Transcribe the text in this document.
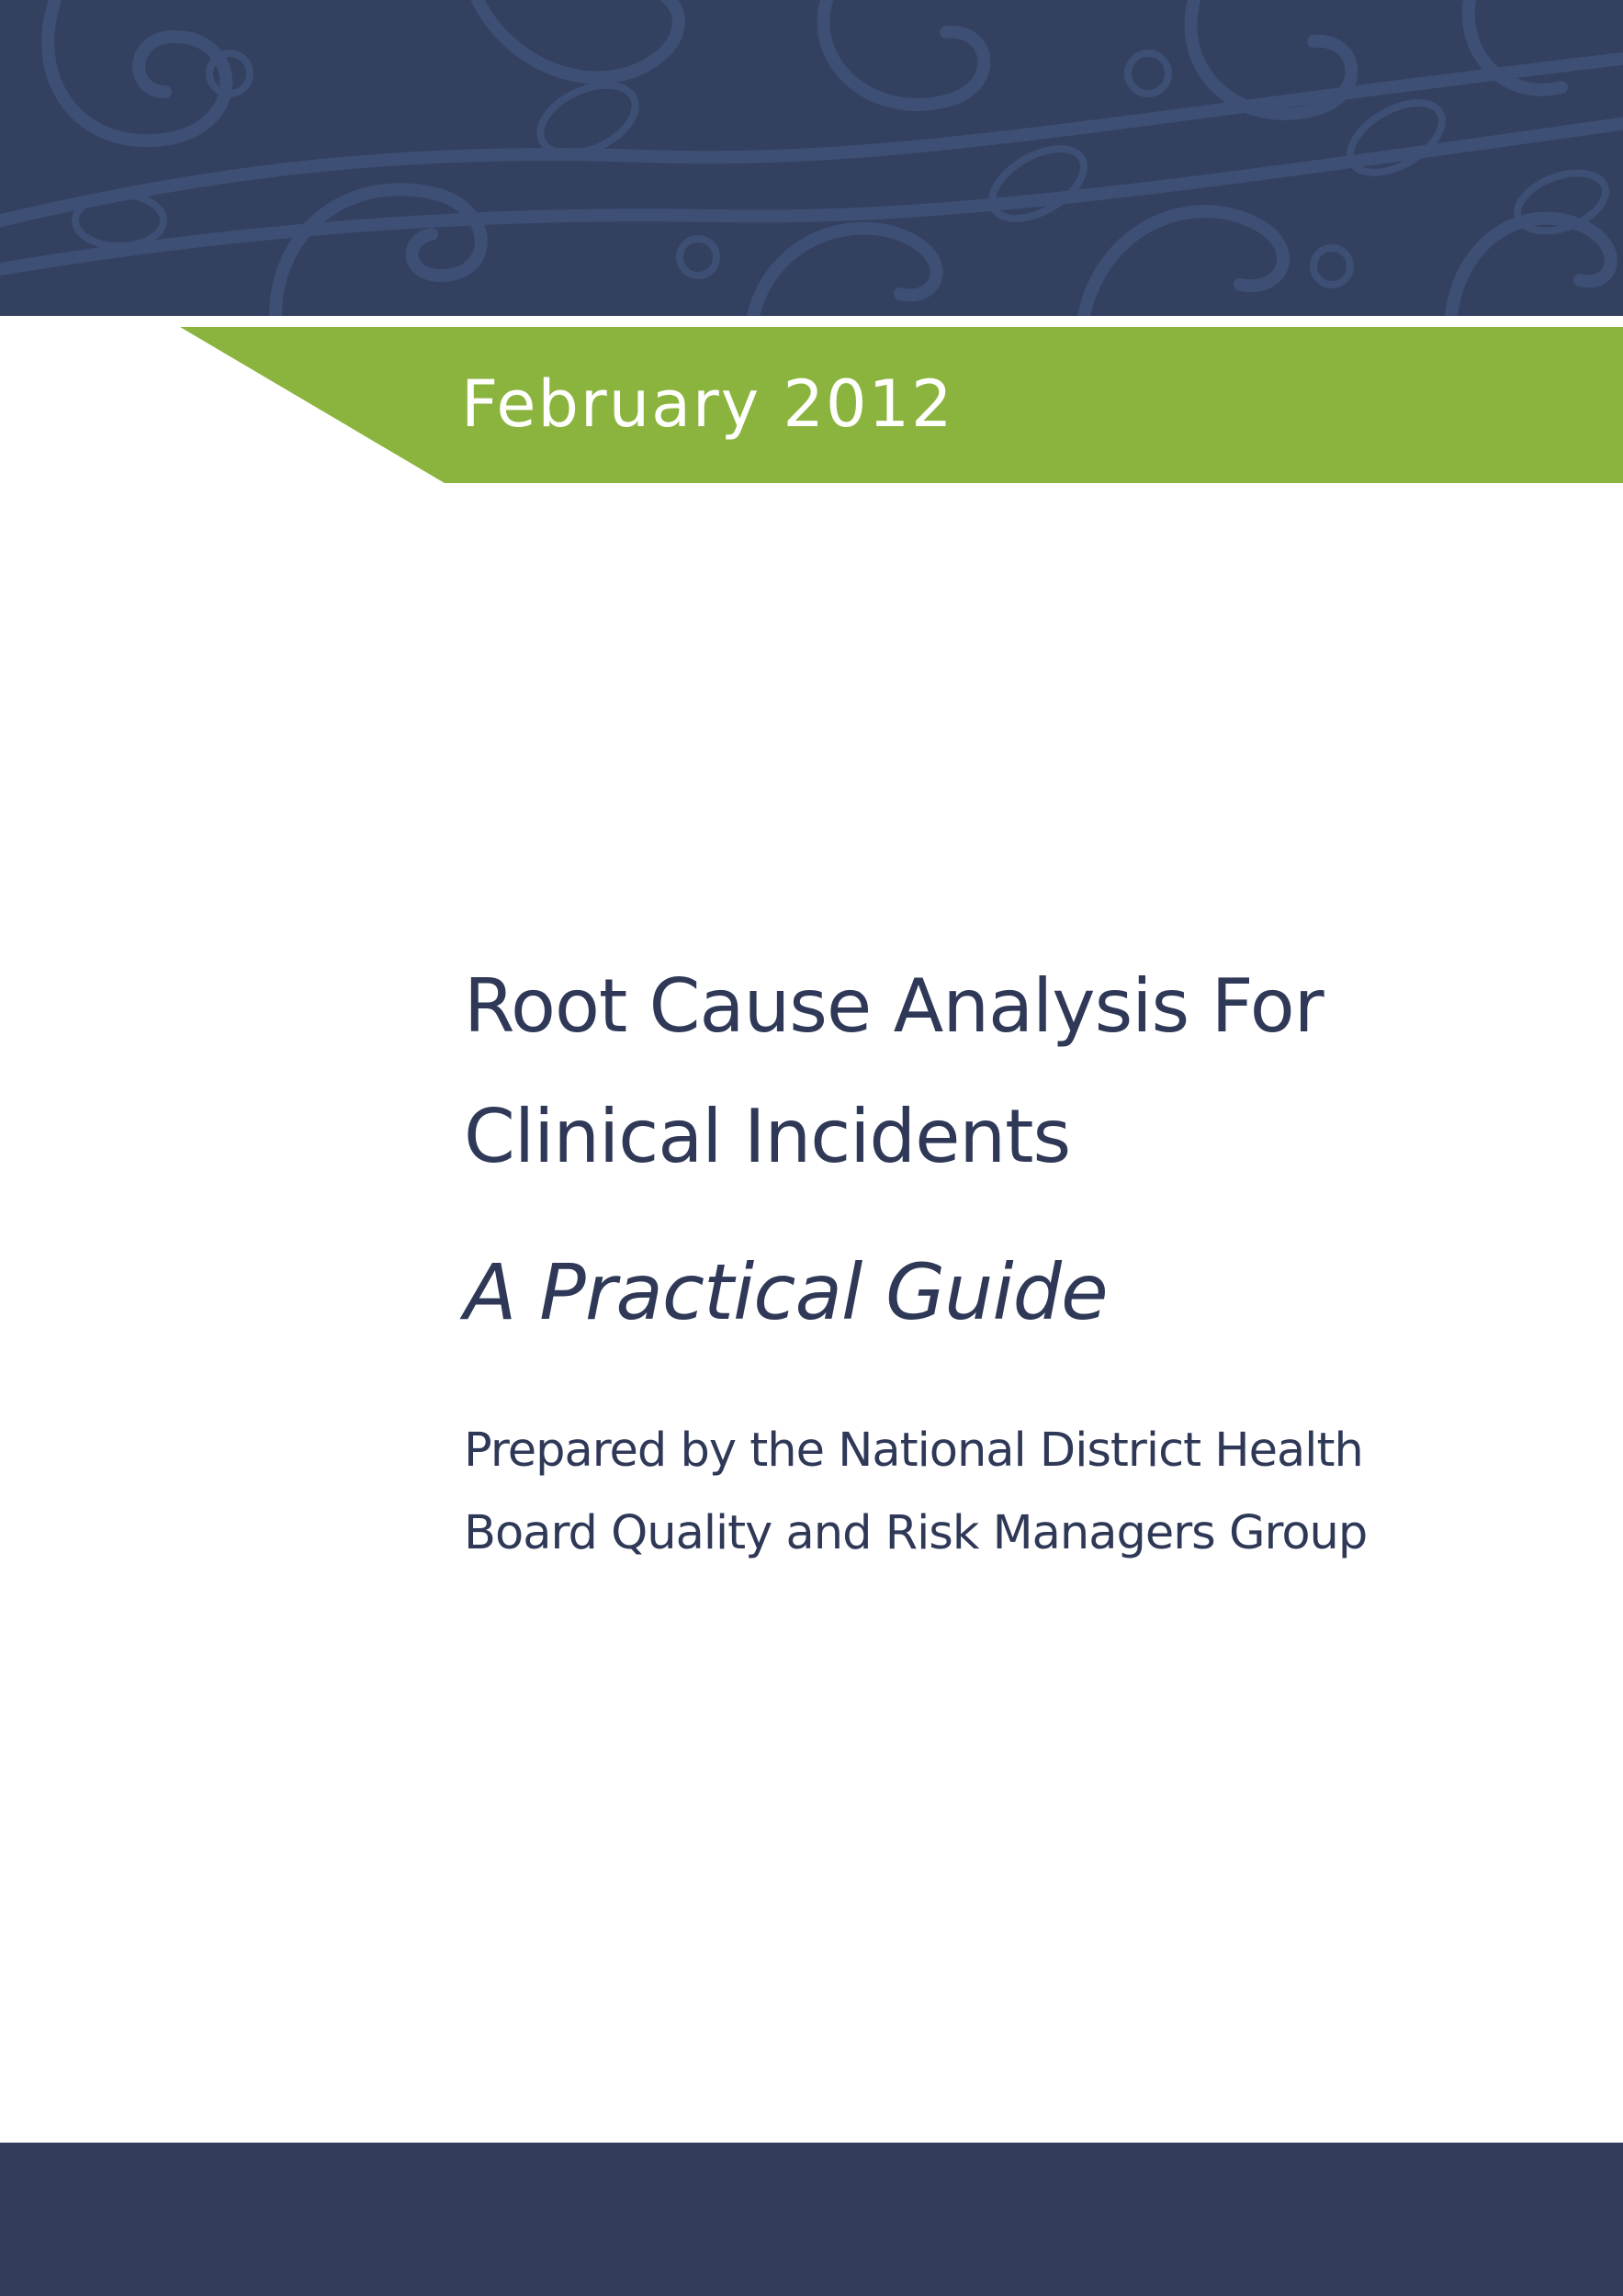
February 2012
Root Cause Analysis For
Clinical Incidents
A Practical Guide

Prepared by the National District Health
Board Quality and Risk Managers Group
